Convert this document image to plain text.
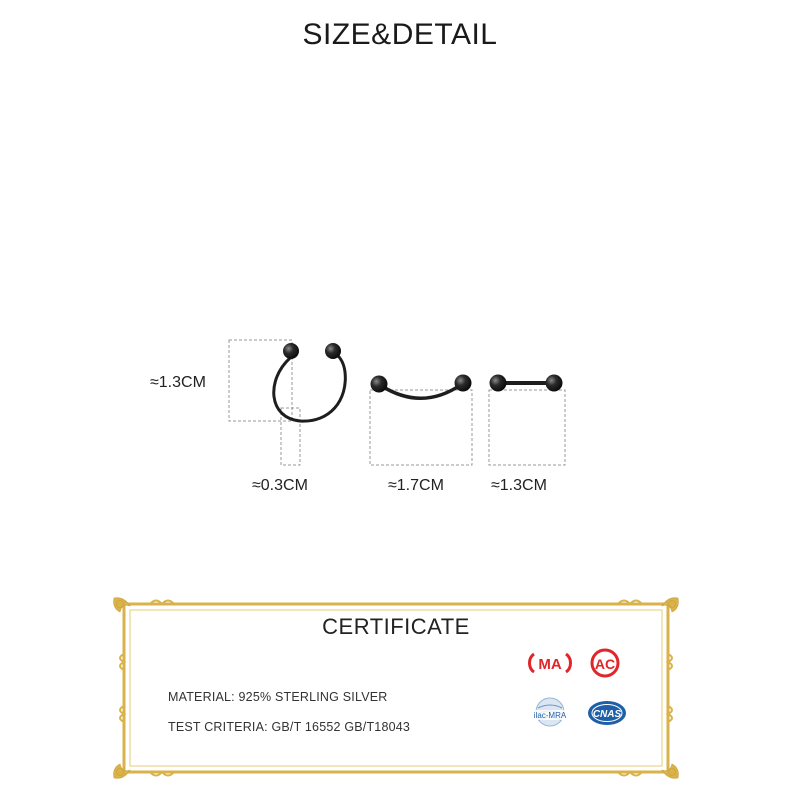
SIZE&DETAIL
≈1.3CM
≈0.3CM	≈1.7CM	≈1.3CM
CERTIFICATE
MATERIAL: 925% STERLING SILVER
TEST CRITERIA: GB/T 16552 GB/T18043
MA AC
ilac-MRA	CNAS
